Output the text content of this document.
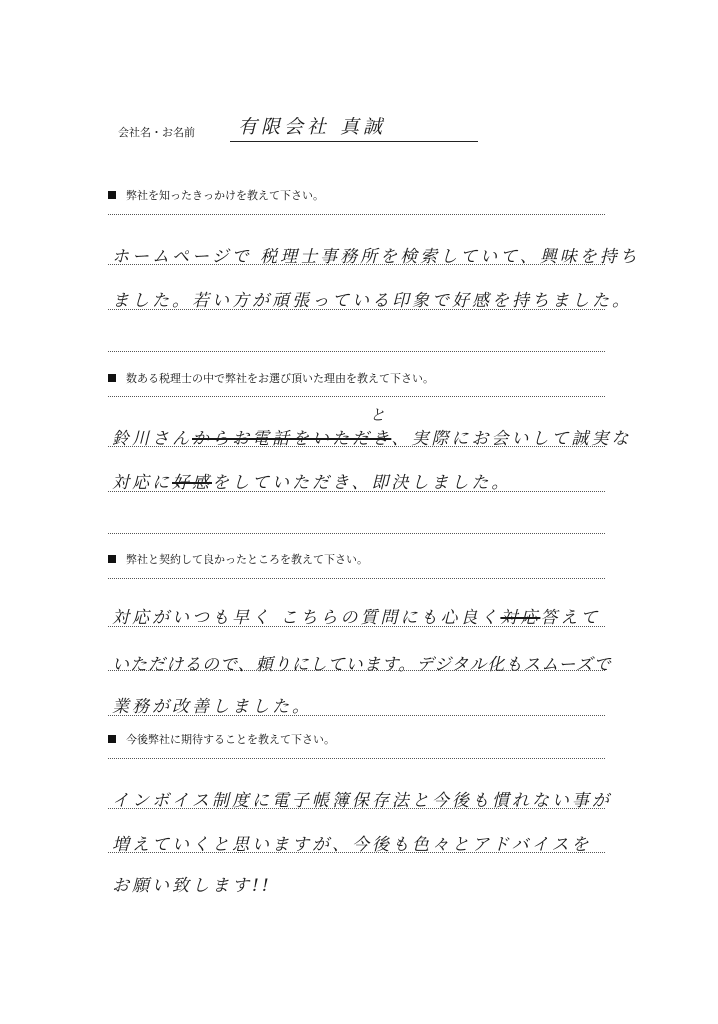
会社名・お名前 有限会社 真誠
弊社を知ったきっかけを教えて下さい。
ホームページで 税理士事務所を検索していて、興味を持ち
ました。若い方が頑張っている印象で好感を持ちました。
数ある税理士の中で弊社をお選び頂いた理由を教えて下さい。
と
鈴川さんからお電話をいただき、実際にお会いして誠実な
対応に好感をしていただき、即決しました。
弊社と契約して良かったところを教えて下さい。
対応がいつも早く こちらの質問にも心良く対応答えて
いただけるので、頼りにしています。デジタル化もスムーズで
業務が改善しました。
今後弊社に期待することを教えて下さい。
インボイス制度に電子帳簿保存法と今後も慣れない事が
増えていくと思いますが、今後も色々とアドバイスを
お願い致します!!
